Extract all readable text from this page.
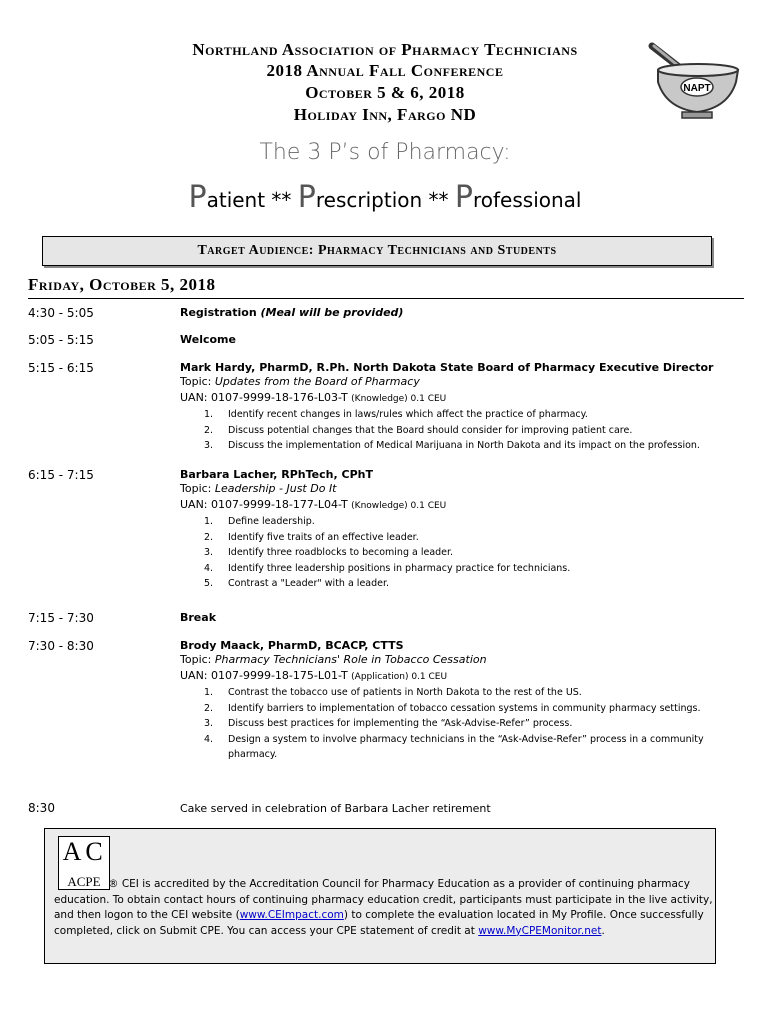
Northland Association of Pharmacy Technicians
2018 Annual Fall Conference
October 5 & 6, 2018
Holiday Inn, Fargo ND
NAPT
The 3 P’s of Pharmacy:
Patient ** Prescription ** Professional
Target Audience: Pharmacy Technicians and Students
Friday, October 5, 2018
4:30 - 5:05	Registration (Meal will be provided)
5:05 - 5:15	Welcome
5:15 - 6:15	Mark Hardy, PharmD, R.Ph. North Dakota State Board of Pharmacy Executive Director
Topic: Updates from the Board of Pharmacy
UAN: 0107-9999-18-176-L03-T (Knowledge) 0.1 CEU
1. Identify recent changes in laws/rules which affect the practice of pharmacy.
2. Discuss potential changes that the Board should consider for improving patient care.
3. Discuss the implementation of Medical Marijuana in North Dakota and its impact on the profession.
6:15 - 7:15	Barbara Lacher, RPhTech, CPhT
Topic: Leadership - Just Do It
UAN: 0107-9999-18-177-L04-T (Knowledge) 0.1 CEU
1. Define leadership.
2. Identify five traits of an effective leader.
3. Identify three roadblocks to becoming a leader.
4. Identify three leadership positions in pharmacy practice for technicians.
5. Contrast a "Leader" with a leader.
7:15 - 7:30	Break
7:30 - 8:30	Brody Maack, PharmD, BCACP, CTTS
Topic: Pharmacy Technicians' Role in Tobacco Cessation
UAN: 0107-9999-18-175-L01-T (Application) 0.1 CEU
1. Contrast the tobacco use of patients in North Dakota to the rest of the US.
2. Identify barriers to implementation of tobacco cessation systems in community pharmacy settings.
3. Discuss best practices for implementing the “Ask-Advise-Refer” process.
4. Design a system to involve pharmacy technicians in the “Ask-Advise-Refer” process in a community pharmacy.
8:30	Cake served in celebration of Barbara Lacher retirement
ACPE
A C
® CEI is accredited by the Accreditation Council for Pharmacy Education as a provider of continuing pharmacy education. To obtain contact hours of continuing pharmacy education credit, participants must participate in the live activity, and then logon to the CEI website (www.CEImpact.com) to complete the evaluation located in My Profile. Once successfully completed, click on Submit CPE. You can access your CPE statement of credit at www.MyCPEMonitor.net.
